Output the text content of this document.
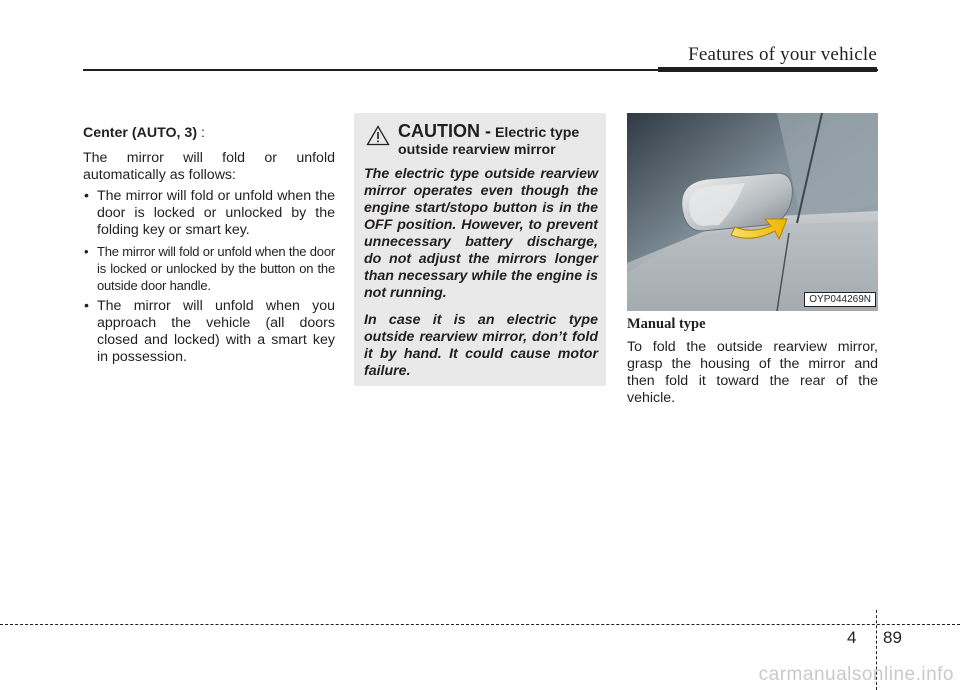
Features of your vehicle

Center (AUTO, 3) :

The mirror will fold or unfold automatically as follows:

• The mirror will fold or unfold when the door is locked or unlocked by the folding key or smart key.
• The mirror will fold or unfold when the door is locked or unlocked by the button on the outside door handle.
• The mirror will unfold when you approach the vehicle (all doors closed and locked) with a smart key in possession.
CAUTION - Electric type
outside rearview mirror

The electric type outside rearview mirror operates even though the engine start/stopo button is in the OFF position. However, to prevent unnecessary battery discharge, do not adjust the mirrors longer than necessary while the engine is not running.

In case it is an electric type outside rearview mirror, don’t fold it by hand. It could cause motor failure.

OYP044269N
Manual type

To fold the outside rearview mirror, grasp the housing of the mirror and then fold it toward the rear of the vehicle.

4 89
carmanualsonline.info
